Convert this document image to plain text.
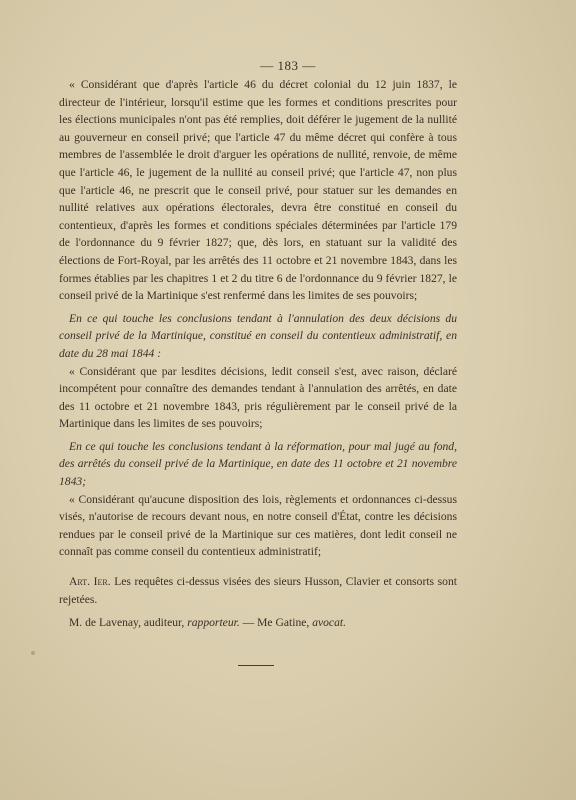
— 183 —

« Considérant que d'après l'article 46 du décret colonial du 12 juin 1837, le directeur de l'intérieur, lorsqu'il estime que les formes et conditions prescrites pour les élections municipales n'ont pas été remplies, doit déférer le jugement de la nullité au gouverneur en conseil privé; que l'article 47 du même décret qui confère à tous membres de l'assemblée le droit d'arguer les opérations de nullité, renvoie, de même que l'article 46, le jugement de la nullité au conseil privé; que l'article 47, non plus que l'article 46, ne prescrit que le conseil privé, pour statuer sur les demandes en nullité relatives aux opérations électorales, devra être constitué en conseil du contentieux, d'après les formes et conditions spéciales déterminées par l'article 179 de l'ordonnance du 9 février 1827; que, dès lors, en statuant sur la validité des élections de Fort-Royal, par les arrêtés des 11 octobre et 21 novembre 1843, dans les formes établies par les chapitres 1 et 2 du titre 6 de l'ordonnance du 9 février 1827, le conseil privé de la Martinique s'est renfermé dans les limites de ses pouvoirs;

En ce qui touche les conclusions tendant à l'annulation des deux décisions du conseil privé de la Martinique, constitué en conseil du contentieux administratif, en date du 28 mai 1844 :

« Considérant que par lesdites décisions, ledit conseil s'est, avec raison, déclaré incompétent pour connaître des demandes tendant à l'annulation des arrêtés, en date des 11 octobre et 21 novembre 1843, pris régulièrement par le conseil privé de la Martinique dans les limites de ses pouvoirs;

En ce qui touche les conclusions tendant à la réformation, pour mal jugé au fond, des arrêtés du conseil privé de la Martinique, en date des 11 octobre et 21 novembre 1843;

« Considérant qu'aucune disposition des lois, règlements et ordonnances ci-dessus visés, n'autorise de recours devant nous, en notre conseil d'État, contre les décisions rendues par le conseil privé de la Martinique sur ces matières, dont ledit conseil ne connaît pas comme conseil du contentieux administratif;

Art. Ier. Les requêtes ci-dessus visées des sieurs Husson, Clavier et consorts sont rejetées.

M. de Lavenay, auditeur, rapporteur. — Me Gatine, avocat.
